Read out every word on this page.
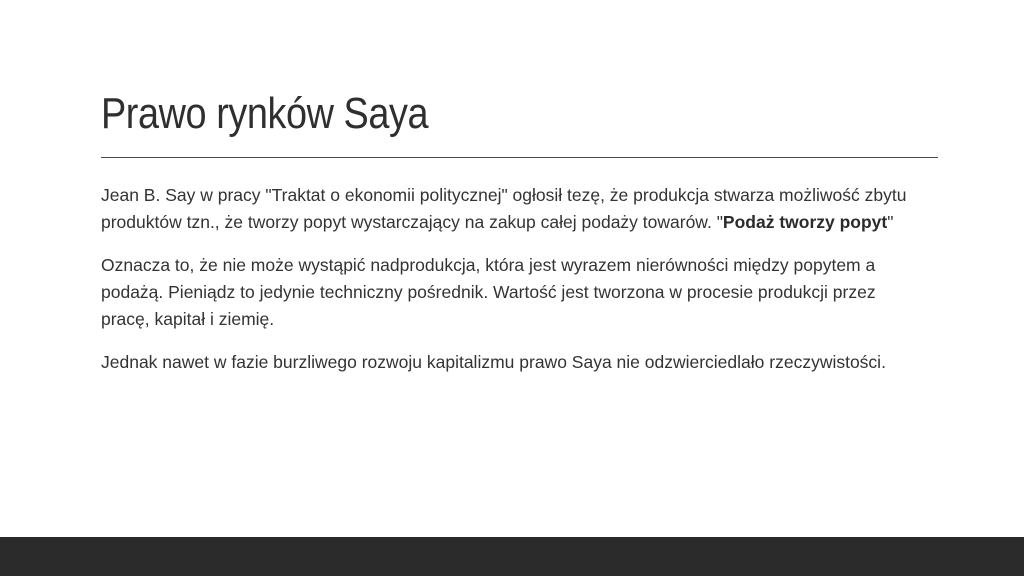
Prawo rynków Saya

Jean B. Say w pracy "Traktat o ekonomii politycznej" ogłosił tezę, że produkcja stwarza możliwość zbytu produktów tzn., że tworzy popyt wystarczający na zakup całej podaży towarów. "Podaż tworzy popyt"

Oznacza to, że nie może wystąpić nadprodukcja, która jest wyrazem nierówności między popytem a podażą. Pieniądz to jedynie techniczny pośrednik. Wartość jest tworzona w procesie produkcji przez pracę, kapitał i ziemię.

Jednak nawet w fazie burzliwego rozwoju kapitalizmu prawo Saya nie odzwierciedlało rzeczywistości.
